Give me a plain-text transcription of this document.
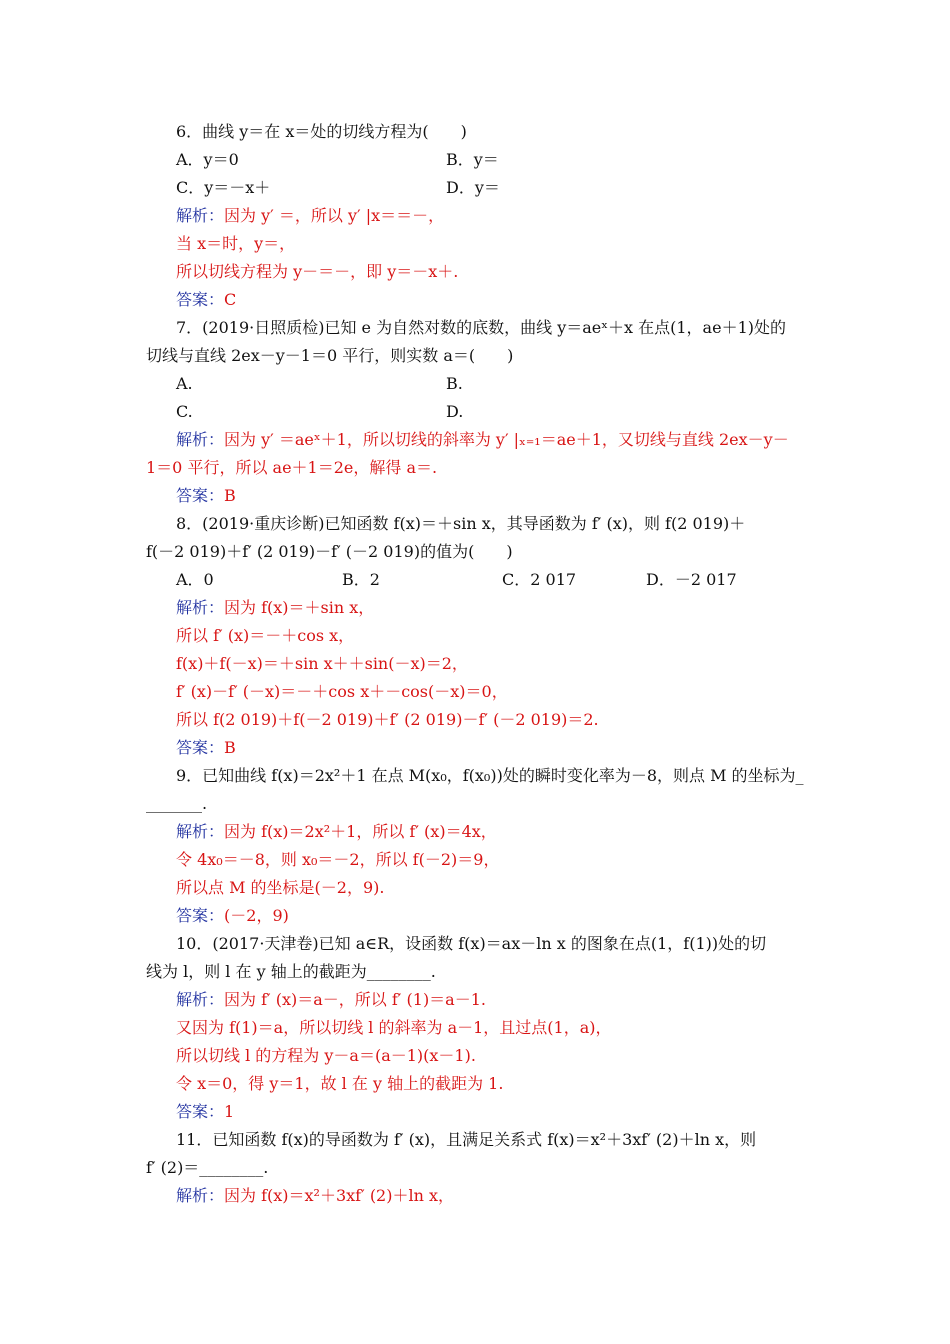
6．曲线 y＝在 x＝处的切线方程为(　　)
A．y＝0	B．y＝
C．y＝－x＋	D．y＝
解析：因为 y′ ＝，所以 y′ |x＝＝－，
当 x＝时，y＝，
所以切线方程为 y－＝－，即 y＝－x＋.
答案：C
7．(2019·日照质检)已知 e 为自然对数的底数，曲线 y＝aeˣ＋x 在点(1，ae＋1)处的
切线与直线 2ex－y－1＝0 平行，则实数 a＝(　　)
A.	B.
C.	D.
解析：因为 y′ ＝aeˣ＋1，所以切线的斜率为 y′ |ₓ₌₁＝ae＋1，又切线与直线 2ex－y－
1＝0 平行，所以 ae＋1＝2e，解得 a＝.
答案：B
8．(2019·重庆诊断)已知函数 f(x)＝＋sin x，其导函数为 f′ (x)，则 f(2 019)＋
f(－2 019)＋f′ (2 019)－f′ (－2 019)的值为(　　)
A．0	B．2	C．2 017	D．－2 017
解析：因为 f(x)＝＋sin x，
所以 f′ (x)＝－＋cos x，
f(x)＋f(－x)＝＋sin x＋＋sin(－x)＝2，
f′ (x)－f′ (－x)＝－＋cos x＋－cos(－x)＝0，
所以 f(2 019)＋f(－2 019)＋f′ (2 019)－f′ (－2 019)＝2.
答案：B
9．已知曲线 f(x)＝2x²＋1 在点 M(x₀，f(x₀))处的瞬时变化率为－8，则点 M 的坐标为_
_______.
解析：因为 f(x)＝2x²＋1，所以 f′ (x)＝4x，
令 4x₀＝－8，则 x₀＝－2，所以 f(－2)＝9，
所以点 M 的坐标是(－2，9).
答案：(－2，9)
10．(2017·天津卷)已知 a∈R，设函数 f(x)＝ax－ln x 的图象在点(1，f(1))处的切
线为 l，则 l 在 y 轴上的截距为________.
解析：因为 f′ (x)＝a－，所以 f′ (1)＝a－1.
又因为 f(1)＝a，所以切线 l 的斜率为 a－1，且过点(1，a)，
所以切线 l 的方程为 y－a＝(a－1)(x－1).
令 x＝0，得 y＝1，故 l 在 y 轴上的截距为 1.
答案：1
11．已知函数 f(x)的导函数为 f′ (x)，且满足关系式 f(x)＝x²＋3xf′ (2)＋ln x，则
f′ (2)＝________.
解析：因为 f(x)＝x²＋3xf′ (2)＋ln x，
